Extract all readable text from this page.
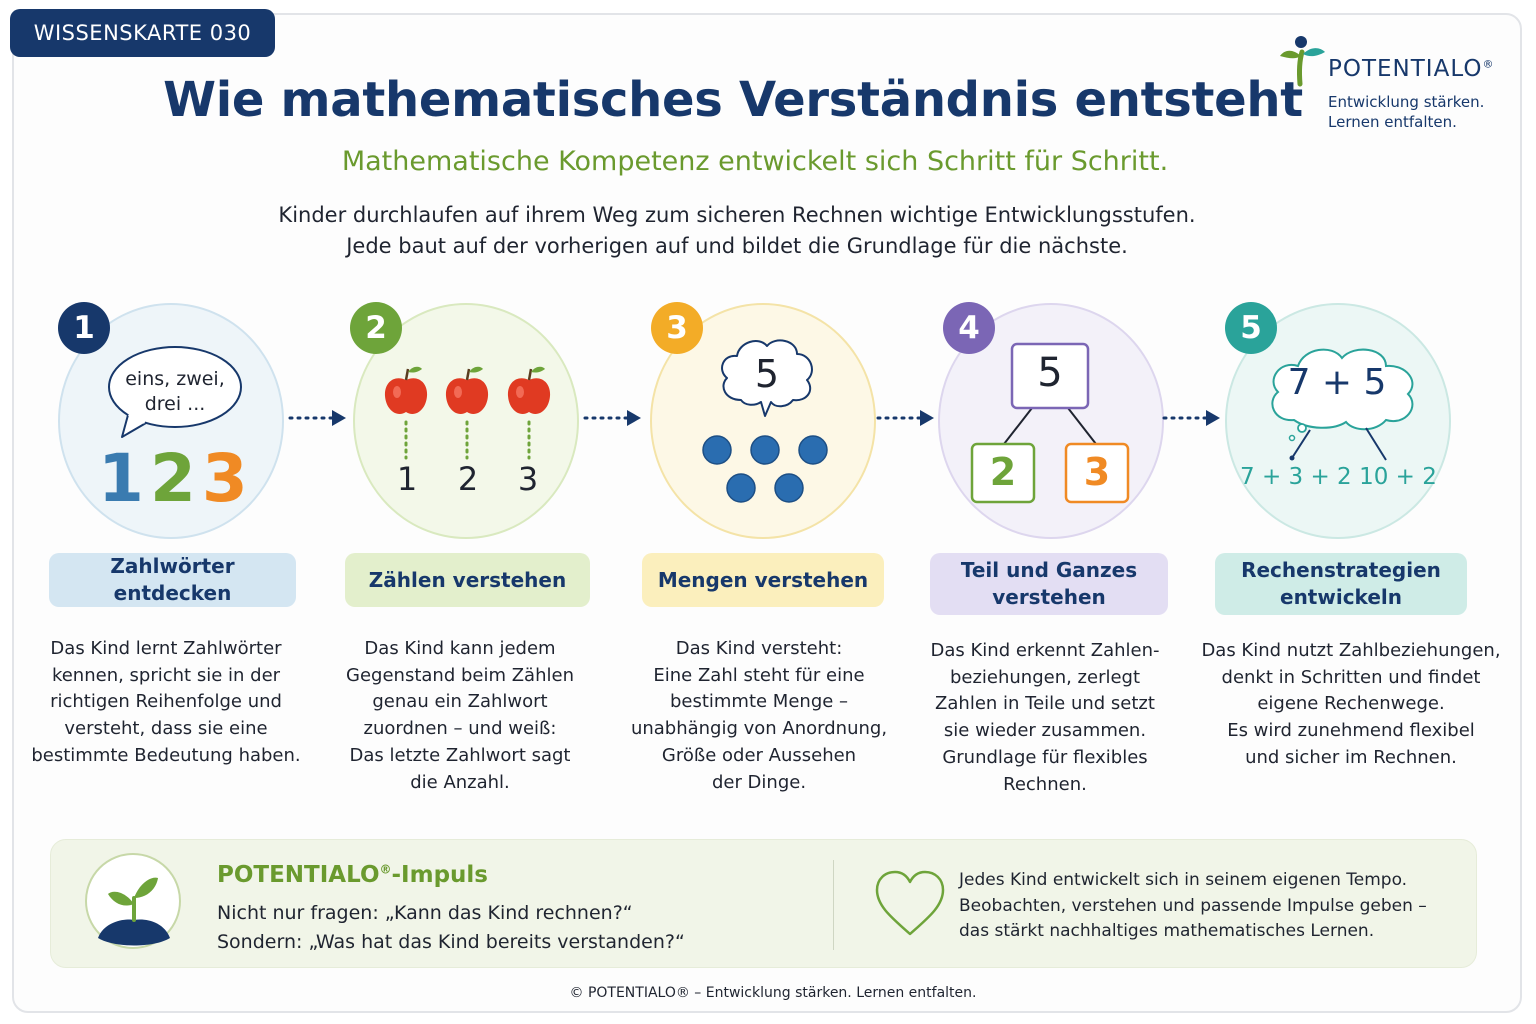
WISSENSKARTE 030
POTENTIALO®
Entwicklung stärken.
Lernen entfalten.
Wie mathematisches Verständnis entsteht
Mathematische Kompetenz entwickelt sich Schritt für Schritt.
Kinder durchlaufen auf ihrem Weg zum sicheren Rechnen wichtige Entwicklungsstufen.
Jede baut auf der vorherigen auf und bildet die Grundlage für die nächste.
eins, zwei,
drei ...
123
1
1	2	3
2
5
3
5
2	3
4
7 + 5
7 + 3 + 2 10 + 2
5
Zahlwörter entdecken
Zählen verstehen	Mengen verstehen	Teil und Ganzes
verstehen
Rechenstrategien
entwickeln
Das Kind lernt Zahlwörter
kennen, spricht sie in der
richtigen Reihenfolge und
versteht, dass sie eine
bestimmte Bedeutung haben.
Das Kind kann jedem
Gegenstand beim Zählen
genau ein Zahlwort
zuordnen – und weiß:
Das letzte Zahlwort sagt
die Anzahl.
Das Kind versteht:
Eine Zahl steht für eine
bestimmte Menge –
unabhängig von Anordnung,
Größe oder Aussehen
der Dinge.
Das Kind erkennt Zahlen-
beziehungen, zerlegt
Zahlen in Teile und setzt
sie wieder zusammen.
Grundlage für flexibles
Rechnen.
Das Kind nutzt Zahlbeziehungen,
denkt in Schritten und findet
eigene Rechenwege.
Es wird zunehmend flexibel
und sicher im Rechnen.
POTENTIALO®-Impuls
Nicht nur fragen: „Kann das Kind rechnen?“
Sondern: „Was hat das Kind bereits verstanden?“
Jedes Kind entwickelt sich in seinem eigenen Tempo.
Beobachten, verstehen und passende Impulse geben –
das stärkt nachhaltiges mathematisches Lernen.
© POTENTIALO® – Entwicklung stärken. Lernen entfalten.
